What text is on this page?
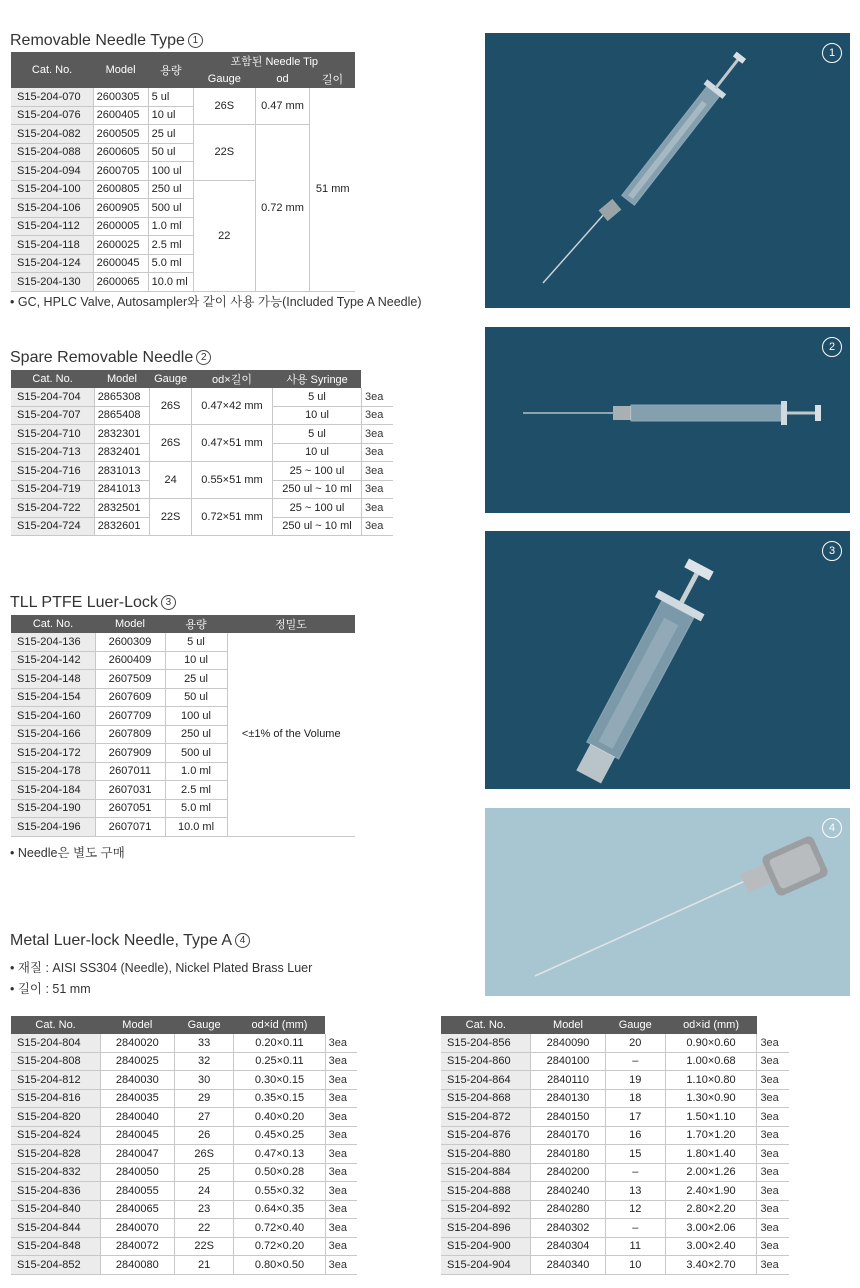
Removable Needle Type 1
Cat. No.	Model	용량	포함된 Needle Tip		
			Gauge	od	길이
S15-204-070	2600305	5 ul	26S	0.47 mm	51 mm
S15-204-076	2600405	10 ul			
S15-204-082	2600505	25 ul	22S	0.72 mm	
S15-204-088	2600605	50 ul			
S15-204-094	2600705	100 ul			
S15-204-100	2600805	250 ul	22		
S15-204-106	2600905	500 ul			
S15-204-112	2600005	1.0 ml			
S15-204-118	2600025	2.5 ml			
S15-204-124	2600045	5.0 ml			
S15-204-130	2600065	10.0 ml			
• GC, HPLC Valve, Autosampler와 같이 사용 가능(Included Type A Needle)
Spare Removable Needle 2
Cat. No.	Model	Gauge	od×길이	사용 Syringe	
S15-204-704	2865308	26S	0.47×42 mm	5 ul	3ea
S15-204-707	2865408			10 ul	3ea
S15-204-710	2832301	26S	0.47×51 mm	5 ul	3ea
S15-204-713	2832401			10 ul	3ea
S15-204-716	2831013	24	0.55×51 mm	25 ~ 100 ul	3ea
S15-204-719	2841013			250 ul ~ 10 ml	3ea
S15-204-722	2832501	22S	0.72×51 mm	25 ~ 100 ul	3ea
S15-204-724	2832601			250 ul ~ 10 ml	3ea
TLL PTFE Luer-Lock 3
Cat. No.	Model	용량	정밀도
S15-204-136	2600309	5 ul	<±1% of the Volume
S15-204-142	2600409	10 ul	
S15-204-148	2607509	25 ul	
S15-204-154	2607609	50 ul	
S15-204-160	2607709	100 ul	
S15-204-166	2607809	250 ul	
S15-204-172	2607909	500 ul	
S15-204-178	2607011	1.0 ml	
S15-204-184	2607031	2.5 ml	
S15-204-190	2607051	5.0 ml	
S15-204-196	2607071	10.0 ml	
• Needle은 별도 구매
Metal Luer-lock Needle, Type A 4
• 재질 : AISI SS304 (Needle), Nickel Plated Brass Luer
• 길이 : 51 mm
Cat. No.	Model	Gauge	od×id (mm)	
S15-204-804	2840020	33	0.20×0.11	3ea
S15-204-808	2840025	32	0.25×0.11	3ea
S15-204-812	2840030	30	0.30×0.15	3ea
S15-204-816	2840035	29	0.35×0.15	3ea
S15-204-820	2840040	27	0.40×0.20	3ea
S15-204-824	2840045	26	0.45×0.25	3ea
S15-204-828	2840047	26S	0.47×0.13	3ea
S15-204-832	2840050	25	0.50×0.28	3ea
S15-204-836	2840055	24	0.55×0.32	3ea
S15-204-840	2840065	23	0.64×0.35	3ea
S15-204-844	2840070	22	0.72×0.40	3ea
S15-204-848	2840072	22S	0.72×0.20	3ea
S15-204-852	2840080	21	0.80×0.50	3ea
Cat. No.	Model	Gauge	od×id (mm)	
S15-204-856	2840090	20	0.90×0.60	3ea
S15-204-860	2840100	–	1.00×0.68	3ea
S15-204-864	2840110	19	1.10×0.80	3ea
S15-204-868	2840130	18	1.30×0.90	3ea
S15-204-872	2840150	17	1.50×1.10	3ea
S15-204-876	2840170	16	1.70×1.20	3ea
S15-204-880	2840180	15	1.80×1.40	3ea
S15-204-884	2840200	–	2.00×1.26	3ea
S15-204-888	2840240	13	2.40×1.90	3ea
S15-204-892	2840280	12	2.80×2.20	3ea
S15-204-896	2840302	–	3.00×2.06	3ea
S15-204-900	2840304	11	3.00×2.40	3ea
S15-204-904	2840340	10	3.40×2.70	3ea
1
2
3
4
